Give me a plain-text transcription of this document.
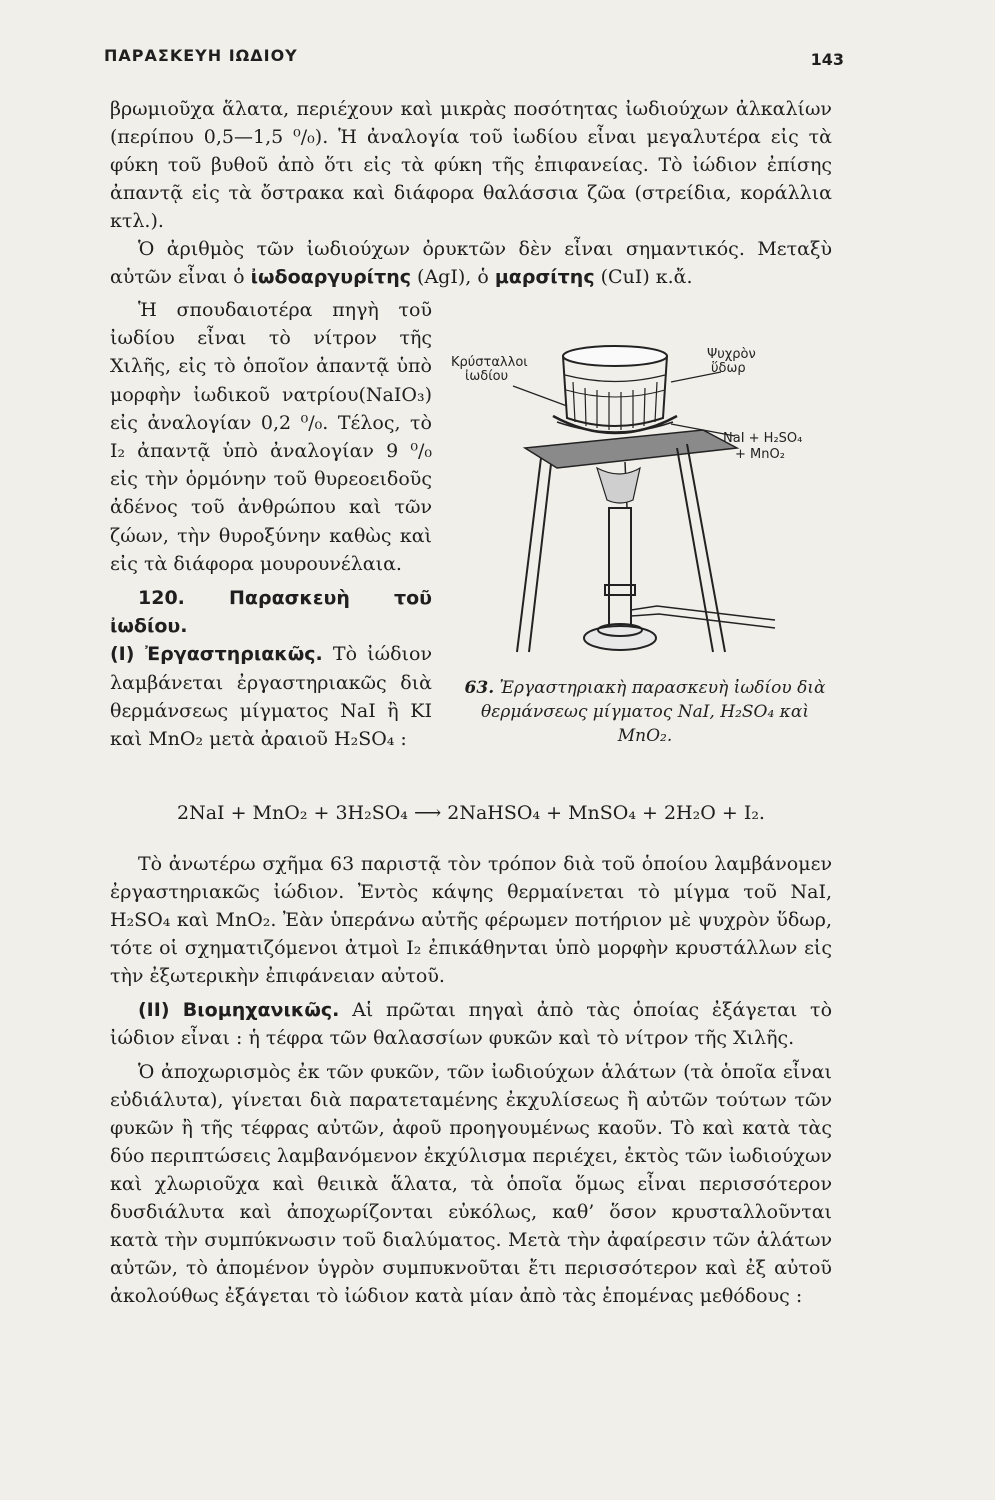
ΠΑΡΑΣΚΕΥΗ ΙΩΔΙΟΥ	143

βρωμιοῦχα ἅλατα, περιέχουν καὶ μικρὰς ποσότητας ἰωδιούχων ἀλκαλίων (περίπου 0,5—1,5 ⁰/₀). Ἡ ἀναλογία τοῦ ἰωδίου εἶναι μεγαλυτέρα εἰς τὰ φύκη τοῦ βυθοῦ ἀπὸ ὅτι εἰς τὰ φύκη τῆς ἐπιφανείας. Τὸ ἰώδιον ἐπίσης ἀπαντᾷ εἰς τὰ ὄστρακα καὶ διάφορα θαλάσσια ζῶα (στρείδια, κοράλλια κτλ.).

Ὁ ἀριθμὸς τῶν ἰωδιούχων ὀρυκτῶν δὲν εἶναι σημαντικός. Μεταξὺ αὐτῶν εἶναι ὁ ἰωδοαργυρίτης (AgI), ὁ μαρσίτης (CuI) κ.ἄ.

Ἡ σπουδαιοτέρα πηγὴ τοῦ ἰωδίου εἶναι τὸ νίτρον τῆς Χιλῆς, εἰς τὸ ὁποῖον ἀπαντᾷ ὑπὸ μορφὴν ἰωδικοῦ νατρίου(NaIO₃) εἰς ἀναλογίαν 0,2 ⁰/₀. Τέλος, τὸ I₂ ἀπαντᾷ ὑπὸ ἀναλογίαν 9 ⁰/₀ εἰς τὴν ὁρμόνην τοῦ θυρεοειδοῦς ἀδένος τοῦ ἀνθρώπου καὶ τῶν ζώων, τὴν θυροξύνην καθὼς καὶ εἰς τὰ διάφορα μουρουνέλαια.

120. Παρασκευὴ τοῦ ἰωδίου.

(I) Ἐργαστηριακῶς. Τὸ ἰώδιον λαμβάνεται ἐργαστηριακῶς διὰ θερμάνσεως μίγματος NaI ἢ KI καὶ MnO₂ μετὰ ἀραιοῦ H₂SO₄ :

Κρύσταλλοι
ἰωδίου
Ψυχρὸν
ὕδωρ
NaI + H₂SO₄
+ MnO₂
63. Ἐργαστηριακὴ παρασκευὴ ἰωδίου διὰ θερμάνσεως μίγματος NaI, H₂SO₄ καὶ MnO₂.
2NaI + MnO₂ + 3H₂SO₄ ⟶ 2NaHSO₄ + MnSO₄ + 2H₂O + I₂.

Τὸ ἀνωτέρω σχῆμα 63 παριστᾷ τὸν τρόπον διὰ τοῦ ὁποίου λαμβάνομεν ἐργαστηριακῶς ἰώδιον. Ἐντὸς κάψης θερμαίνεται τὸ μίγμα τοῦ NaI, H₂SO₄ καὶ MnO₂. Ἐὰν ὑπεράνω αὐτῆς φέρωμεν ποτήριον μὲ ψυχρὸν ὕδωρ, τότε οἱ σχηματιζόμενοι ἀτμοὶ I₂ ἐπικάθηνται ὑπὸ μορφὴν κρυστάλλων εἰς τὴν ἐξωτερικὴν ἐπιφάνειαν αὐτοῦ.

(II) Βιομηχανικῶς. Αἱ πρῶται πηγαὶ ἀπὸ τὰς ὁποίας ἐξάγεται τὸ ἰώδιον εἶναι : ἡ τέφρα τῶν θαλασσίων φυκῶν καὶ τὸ νίτρον τῆς Χιλῆς.

Ὁ ἀποχωρισμὸς ἐκ τῶν φυκῶν, τῶν ἰωδιούχων ἁλάτων (τὰ ὁποῖα εἶναι εὐδιάλυτα), γίνεται διὰ παρατεταμένης ἐκχυλίσεως ἢ αὐτῶν τούτων τῶν φυκῶν ἢ τῆς τέφρας αὐτῶν, ἀφοῦ προηγουμένως καοῦν. Τὸ καὶ κατὰ τὰς δύο περιπτώσεις λαμβανόμενον ἐκχύλισμα περιέχει, ἐκτὸς τῶν ἰωδιούχων καὶ χλωριοῦχα καὶ θειικὰ ἅλατα, τὰ ὁποῖα ὅμως εἶναι περισσότερον δυσδιάλυτα καὶ ἀποχωρίζονται εὐκόλως, καθ’ ὅσον κρυσταλλοῦνται κατὰ τὴν συμπύκνωσιν τοῦ διαλύματος. Μετὰ τὴν ἀφαίρεσιν τῶν ἁλάτων αὐτῶν, τὸ ἀπομένον ὑγρὸν συμπυκνοῦται ἔτι περισσότερον καὶ ἐξ αὐτοῦ ἀκολούθως ἐξάγεται τὸ ἰώδιον κατὰ μίαν ἀπὸ τὰς ἑπομένας μεθόδους :
